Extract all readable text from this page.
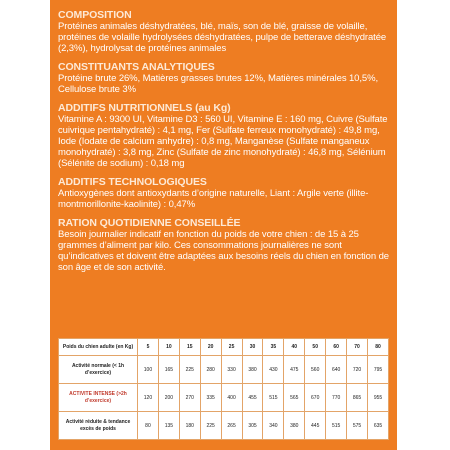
COMPOSITION

Protéines animales déshydratées, blé, maïs, son de blé, graisse de volaille, protéines de volaille hydrolysées déshydratées, pulpe de betterave déshydratée (2,3%), hydrolysat de protéines animales

CONSTITUANTS ANALYTIQUES

Protéine brute 26%, Matières grasses brutes 12%, Matières minérales 10,5%, Cellulose brute 3%

ADDITIFS NUTRITIONNELS (au Kg)

Vitamine A : 9300 UI, Vitamine D3 : 560 UI, Vitamine E : 160 mg, Cuivre (Sulfate cuivrique pentahydraté) : 4,1 mg, Fer (Sulfate ferreux monohydraté) : 49,8 mg, Iode (Iodate de calcium anhydre) : 0,8 mg, Manganèse (Sulfate manganeux monohydraté) : 3,8 mg, Zinc (Sulfate de zinc monohydraté) : 46,8 mg, Sélénium (Sélénite de sodium) : 0,18 mg

ADDITIFS TECHNOLOGIQUES

Antioxygènes dont antioxydants d’origine naturelle, Liant : Argile verte (illite-montmorillonite-kaolinite) : 0,47%

RATION QUOTIDIENNE CONSEILLÉE

Besoin journalier indicatif en fonction du poids de votre chien : de 15 à 25 grammes d’aliment par kilo. Ces consommations journalières ne sont qu’indicatives et doivent être adaptées aux besoins réels du chien en fonction de son âge et de son activité.

Poids du chien adulte (en Kg)	5	10	15	20	25	30	35	40	50	60	70	80
Activité normale (< 1h d’exercice)	100	165	225	280	330	380	430	475	560	640	720	795
ACTIVITE INTENSE (>2h d’exercice)	120	200	270	335	400	455	515	565	670	770	865	955
Activité réduite & tendance excès de poids	80	135	180	225	265	305	340	380	445	515	575	635
